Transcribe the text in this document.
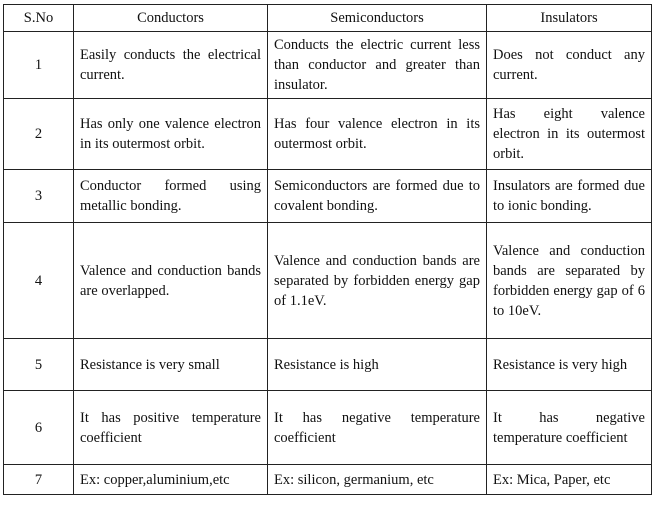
S.No	Conductors	Semiconductors	Insulators
1	Easily conducts the electrical current.	Conducts the electric current less than conductor and greater than insulator.	Does not conduct any current.
2	Has only one valence electron in its outermost orbit.	Has four valence electron in its outermost orbit.	Has eight valence electron in its outermost orbit.
3	Conductor formed using metallic bonding.	Semiconductors are formed due to covalent bonding.	Insulators are formed due to ionic bonding.
4	Valence and conduction bands are overlapped.	Valence and conduction bands are separated by forbidden energy gap of 1.1eV.	Valence and conduction bands are separated by forbidden energy gap of 6 to 10eV.
5	Resistance is very small	Resistance is high	Resistance is very high
6	It has positive temperature coefficient	It has negative temperature coefficient	It has negative temperature coefficient
7	Ex: copper,aluminium,etc	Ex: silicon, germanium, etc	Ex: Mica, Paper, etc
